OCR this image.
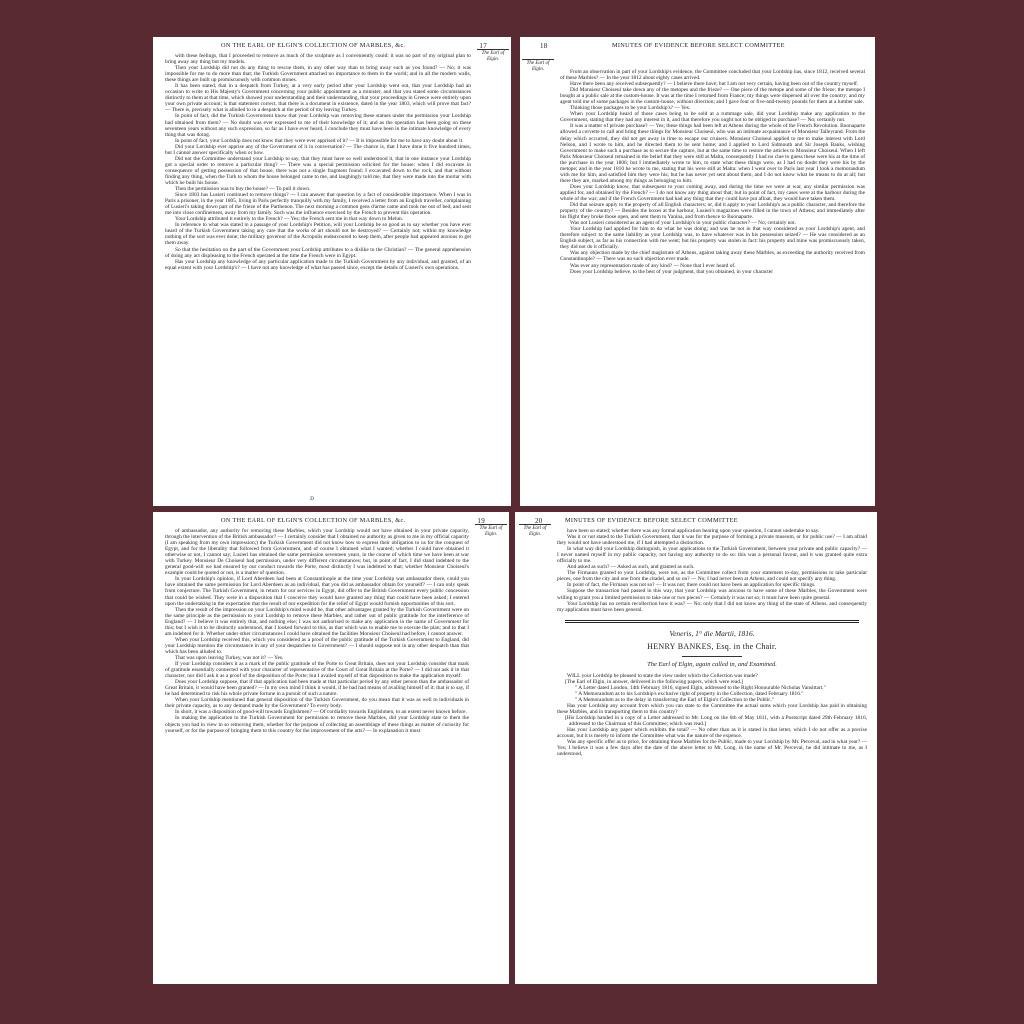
ON THE EARL OF ELGIN'S COLLECTION OF MARBLES, &c.	17
The Earl of Elgin.

with these feelings, that I proceeded to remove as much of the sculpture as I conveniently could: it was no part of my original plan to bring away any thing but my models.

Then your Lordship did not do any thing to rescue them, in any other way than to bring away such as you found? — No; it was impossible for me to do more than that; the Turkish Government attached no importance to them in the world; and in all the modern walls, these things are built up promiscuously with common stones.

It has been stated, that in a despatch from Turkey, at a very early period after your Lordship went out, that your Lordship had an occasion to write to His Majesty's Government concerning your public appointment as a minister, and that you stated some circumstances distinctly to them at that time, which showed your understanding and their understanding, that your proceedings in Greece were entirely upon your own private account; is that statement correct, that there is a document in existence, dated in the year 1803, which will prove that fact? — There is, precisely what is alluded to in a despatch at the period of my leaving Turkey.

In point of fact, did the Turkish Government know that your Lordship was removing these statues under the permission your Lordship had obtained from them? — No doubt was ever expressed to me of their knowledge of it; and as the operation has been going on these seventeen years without any such expression, so far as I have ever heard, I conclude they must have been in the intimate knowledge of every thing that was doing.

In point of fact, your Lordship does not know that they were ever apprised of it? — It is impossible for me to have any doubt about it.

Did your Lordship ever apprise any of the Government of it in conversation? — The chance is, that I have done it five hundred times, but I cannot answer specifically when or how.

Did not the Committee understand your Lordship to say, that they must have so well understood it, that in one instance your Lordship got a special order to remove a particular thing? — There was a special permission solicited for the house: when I did excavate in consequence of getting possession of that house, there was not a single fragment found: I excavated down to the rock, and that without finding any thing, when the Turk to whom the house belonged came to me, and laughingly told me, that they were made into the mortar with which he built his house.

Then the permission was to buy the house? — To pull it down.

Since 1803 has Lusieri continued to remove things? — I can answer that question by a fact of considerable importance. When I was in Paris a prisoner, in the year 1805, living in Paris perfectly tranquilly with my family, I received a letter from an English traveller, complaining of Lusieri's taking down part of the frieze of the Parthenon. The next morning a common gens d'arme came and took me out of bed, and sent me into close confinement, away from my family. Such was the influence exercised by the French to prevent this operation.

Your Lordship attributed it entirely to the French? — Yes; the French sent me in that way down to Melun.

In reference to what was stated in a passage of your Lordship's Petition, will your Lordship be so good as to say whether you have ever heard of the Turkish Government taking any care that the works of art should not be destroyed? — Certainly not; within my knowledge nothing of the sort was ever done; the military governor of the Acropolis endeavoured to keep them, after people had appeared anxious to get them away.

So that the hesitation on the part of the Government your Lordship attributes to a dislike to the Christian? — The general apprehension of doing any act displeasing to the French operated at the time the French were in Egypt.

Has your Lordship any knowledge of any particular application made to the Turkish Government by any individual, and granted, of an equal extent with your Lordship's? — I have not any knowledge of what has passed since, except the details of Lusieri's own operations.

D
18	MINUTES OF EVIDENCE BEFORE SELECT COMMITTEE
The Earl of Elgin.	From an observation in part of your Lordship's evidence, the Committee concluded that your Lordship has, since 1812, received several of these Marbles? — In the year 1812 about eighty cases arrived.

Have there been any received subsequently? — I believe there have; but I am not very certain, having been out of the country myself.

Did Monsieur Choiseul take down any of the metopes and the frieze? — One piece of the metope and some of the frieze; the metope I bought at a public sale at the custom-house. It was at the time I returned from France; my things were dispersed all over the country; and my agent told me of some packages in the custom-house, without direction; and I gave four or five-and-twenty pounds for them at a lumber sale.

Thinking those packages to be your Lordship's? — Yes.

When your Lordship heard of those cases being to be sold at a rummage sale, did your Lordship make any application to the Government, stating that they had any interest in it, and that therefore you ought not to be obliged to purchase? — No; certainly not.

It was a matter of private purchase? — Yes; these things had been left at Athens during the whole of the French Revolution. Buonaparte allowed a corvette to call and bring these things for Monsieur Choiseul, who was an intimate acquaintance of Monsieur Talleyrand. From the delay which occurred, they did not get away in time to escape our cruisers. Monsieur Choiseul applied to me to make interest with Lord Nelson, and I wrote to him, and he directed them to be sent home; and I applied to Lord Sidmouth and Sir Joseph Banks, wishing Government to make such a purchase as to secure the capture, but at the same time to restore the articles to Monsieur Choiseul. When I left Paris Monsieur Choiseul remained in the belief that they were still at Malta, consequently I had no clue to guess these were his at the time of the purchase in the year 1806; but I immediately wrote to him, to state what these things were, as I had no doubt they were his by the metope; and in the year 1810 he wrote to me, stating that his were still at Malta: when I went over to Paris last year I took a memorandum with me for him, and satisfied him they were his; but he has never yet sent about them, and I do not know what he means to do at all; but there they are, marked among my things as belonging to him.

Does your Lordship know, that subsequent to your coming away, and during the time we were at war, any similar permission was applied for, and obtained by the French? — I do not know any thing about that; but in point of fact, my cases were at the harbour during the whole of the war; and if the French Government had had any thing that they could have put afloat, they would have taken them.

Did that seizure apply to the property of all English characters; or, did it apply to your Lordship's as a public character, and therefore the property of the country? — Besides the boxes at the harbour, Lusieri's magazines were filled in the town of Athens; and immediately after his flight they broke those open, and sent them to Yanina, and from thence to Buonaparte.

Was not Lusieri considered as an agent of your Lordship's in your public character? — No; certainly not.

Your Lordship had applied for him to do what he was doing; and was he not in that way considered as your Lordship's agent, and therefore subject to the same liability as your Lordship was, to have whatever was in his possession seized? — He was considered as an English subject, as far as his connection with me went; but his property was stolen in fact: his property and mine was promiscuously taken, they did not do it officially.

Was any objection made by the chief magistrate of Athens, against taking away these Marbles, as exceeding the authority received from Constantinople? — There was no such objection ever made.

Was ever any representation made of any kind? — None that I ever heard of.

Does your Lordship believe, to the best of your judgment, that you obtained, in your character

ON THE EARL OF ELGIN'S COLLECTION OF MARBLES, &c.	19
The Earl of Elgin.

of ambassador, any authority for removing these Marbles, which your Lordship would not have obtained in your private capacity, through the intervention of the British ambassador? — I certainly consider that I obtained no authority as given to me in my official capacity (I am speaking from my own impression;) the Turkish Government did not know how to express their obligation to us for the conquest of Egypt, and for the liberality that followed from Government, and of course I obtained what I wanted; whether I could have obtained it otherwise or not, I cannot say; Lusieri has obtained the same permission seventeen years, in the course of which time we have been at war with Turkey. Monsieur De Choiseul had permission, under very different circumstances; but, in point of fact, I did stand indebted to the general good-will we had ensured by our conduct towards the Porte, most distinctly I was indebted to that; whether Monsieur Choiseul's example could be quoted or not, is a matter of question.

In your Lordship's opinion, if Lord Aberdeen had been at Constantinople at the time your Lordship was ambassador there, could you have obtained the same permission for Lord Aberdeen as an individual, that you did as ambassador obtain for yourself? — I can only speak from conjecture. The Turkish Government, in return for our services in Egypt, did offer to the British Government every public concession that could be wished. They were in a disposition that I conceive they would have granted any thing that could have been asked; I entered upon the undertaking in the expectation that the result of our expedition for the relief of Egypt would furnish opportunities of this sort.

Then the result of the impression on your Lordship's mind would be, that other advantages granted by the Turkish Government were on the same principle as the permission to your Lordship to remove these Marbles, and rather out of public gratitude for the interference of England? — I believe it was entirely that, and nothing else; I was not authorised to make any application in the name of Government for this; but I wish it to be distinctly understood, that I looked forward to this, as that which was to enable me to execute the plan; and to that I am indebted for it. Whether under other circumstances I could have obtained the facilities Monsieur Choiseul had before, I cannot answer.

When your Lordship received this, which you considered as a proof of the public gratitude of the Turkish Government to England, did your Lordship mention the circumstance in any of your despatches to Government? — I should suppose not in any other despatch than that which has been alluded to.

That was upon leaving Turkey, was not it? — Yes.

If your Lordship considers it as a mark of the public gratitude of the Porte to Great Britain, does not your Lordship consider that mark of gratitude essentially connected with your character of representative of the Court of Great Britain at the Porte? — I did not ask it in that character, nor did I ask it as a proof of the disposition of the Porte; but I availed myself of that disposition to make the application myself.

Does your Lordship suppose, that if that application had been made at that particular period by any other person than the ambassador of Great Britain, it would have been granted? — In my own mind I think it would, if he had had means of availing himself of it; that is to say, if he had determined to risk his whole private fortune in a pursuit of such a nature.

When your Lordship mentioned that general disposition of the Turkish Government, do you mean that it was as well to individuals in their private capacity, as to any demand made by the Government? To every body.

In short, it was a disposition of good-will towards Englishmen? — Of cordiality towards Englishmen, to an extent never known before.

In making the application to the Turkish Government for permission to remove these Marbles, did your Lordship state to them the objects you had in view in so removing them, whether for the purpose of collecting an assemblage of these things as matter of curiosity for yourself, or for the purpose of bringing them to this country for the improvement of the arts? — In explanation it must

20	MINUTES OF EVIDENCE BEFORE SELECT COMMITTEE
The Earl of Elgin.

have been so stated; whether there was any formal application bearing upon your question, I cannot undertake to say.

Was it or not stated to the Turkish Government, that it was for the purpose of forming a private museum, or for public use? — I am afraid they would not have understood me, if I had attempted a distinction.

In what way did your Lordship distinguish, in your applications to the Turkish Government, between your private and public capacity? — I never named myself in my public capacity, not having any authority to do so: this was a personal favour, and it was granted quite extra officially to me.

And asked as such? — Asked as such, and granted as such.

The Firmauns granted to your Lordship, were not, as the Committee collect from your statement to-day, permissions to take particular pieces, one from the city and one from the citadel, and so on? — No; I had never been at Athens, and could not specify any thing.

In point of fact, the Firmaun was not so? — It was not; there could not have been an application for specific things.

Suppose the transaction had passed in this way, that your Lordship was anxious to have some of these Marbles, the Government were willing to grant you a limited permission to take one or two pieces? — Certainly it was not so; it must have been quite general.

Your Lordship has no certain recollection how it was? — No; only that I did not know any thing of the state of Athens, and consequently my application must have been general.

Veneris, 1° die Martii, 1816.
HENRY BANKES, Esq. in the Chair.
The Earl of Elgin, again called in, and Examined.

WILL your Lordship be pleased to state the view under which the Collection was made?

[The Earl of Elgin, in answer, delivered in the following papers, which were read.]

" A Letter dated London, 14th February 1816, signed Elgin, addressed to the Right Honourable Nicholas Vansittart."

" A Memorandum as to his Lordship's exclusive right of property in the Collection, dated February 1816."

" A Memorandum as to the delay in transferring the Earl of Elgin's Collection to the Public."

Has your Lordship any account from which you can state to the Committee the actual sums which your Lordship has paid in obtaining these Marbles, and in transporting them to this country?

[His Lordship handed in a copy of a Letter addressed to Mr. Long on the 6th of May 1811, with a Postscript dated 29th February 1816, addressed to the Chairman of this Committee; which was read.]

Has your Lordship any paper which exhibits the total? — No other than as it is stated in that letter, which I do not offer as a precise account, but it is merely to inform the Committee what was the nature of the expence.

Was any specific offer as to price, for obtaining those Marbles for the Public, made to your Lordship by Mr. Perceval, and in what year? — Yes; I believe it was a few days after the date of the above letter to Mr. Long, in the name of Mr. Perceval, he did intimate to me, as I understood,
